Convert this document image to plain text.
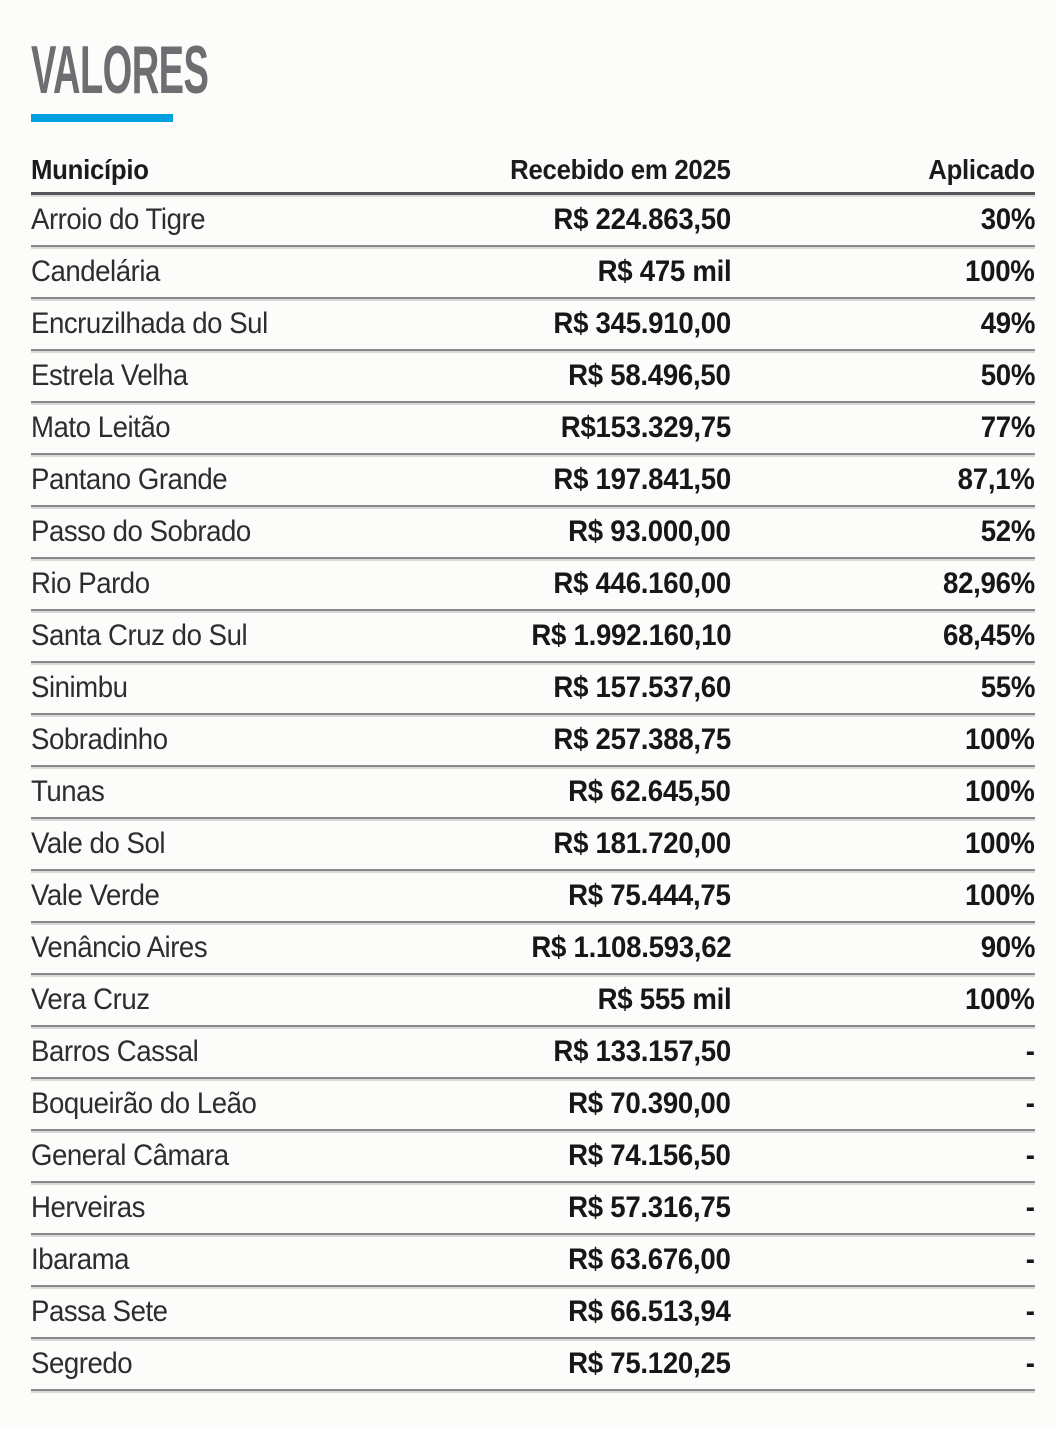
VALORES
Município	Recebido em 2025	Aplicado
Arroio do Tigre	R$ 224.863,50	30%
Candelária	R$ 475 mil	100%
Encruzilhada do Sul	R$ 345.910,00	49%
Estrela Velha	R$ 58.496,50	50%
Mato Leitão	R$153.329,75	77%
Pantano Grande	R$ 197.841,50	87,1%
Passo do Sobrado	R$ 93.000,00	52%
Rio Pardo	R$ 446.160,00	82,96%
Santa Cruz do Sul	R$ 1.992.160,10	68,45%
Sinimbu	R$ 157.537,60	55%
Sobradinho	R$ 257.388,75	100%
Tunas	R$ 62.645,50	100%
Vale do Sol	R$ 181.720,00	100%
Vale Verde	R$ 75.444,75	100%
Venâncio Aires	R$ 1.108.593,62	90%
Vera Cruz	R$ 555 mil	100%
Barros Cassal	R$ 133.157,50	-
Boqueirão do Leão	R$ 70.390,00	-
General Câmara	R$ 74.156,50	-
Herveiras	R$ 57.316,75	-
Ibarama	R$ 63.676,00	-
Passa Sete	R$ 66.513,94	-
Segredo	R$ 75.120,25	-
